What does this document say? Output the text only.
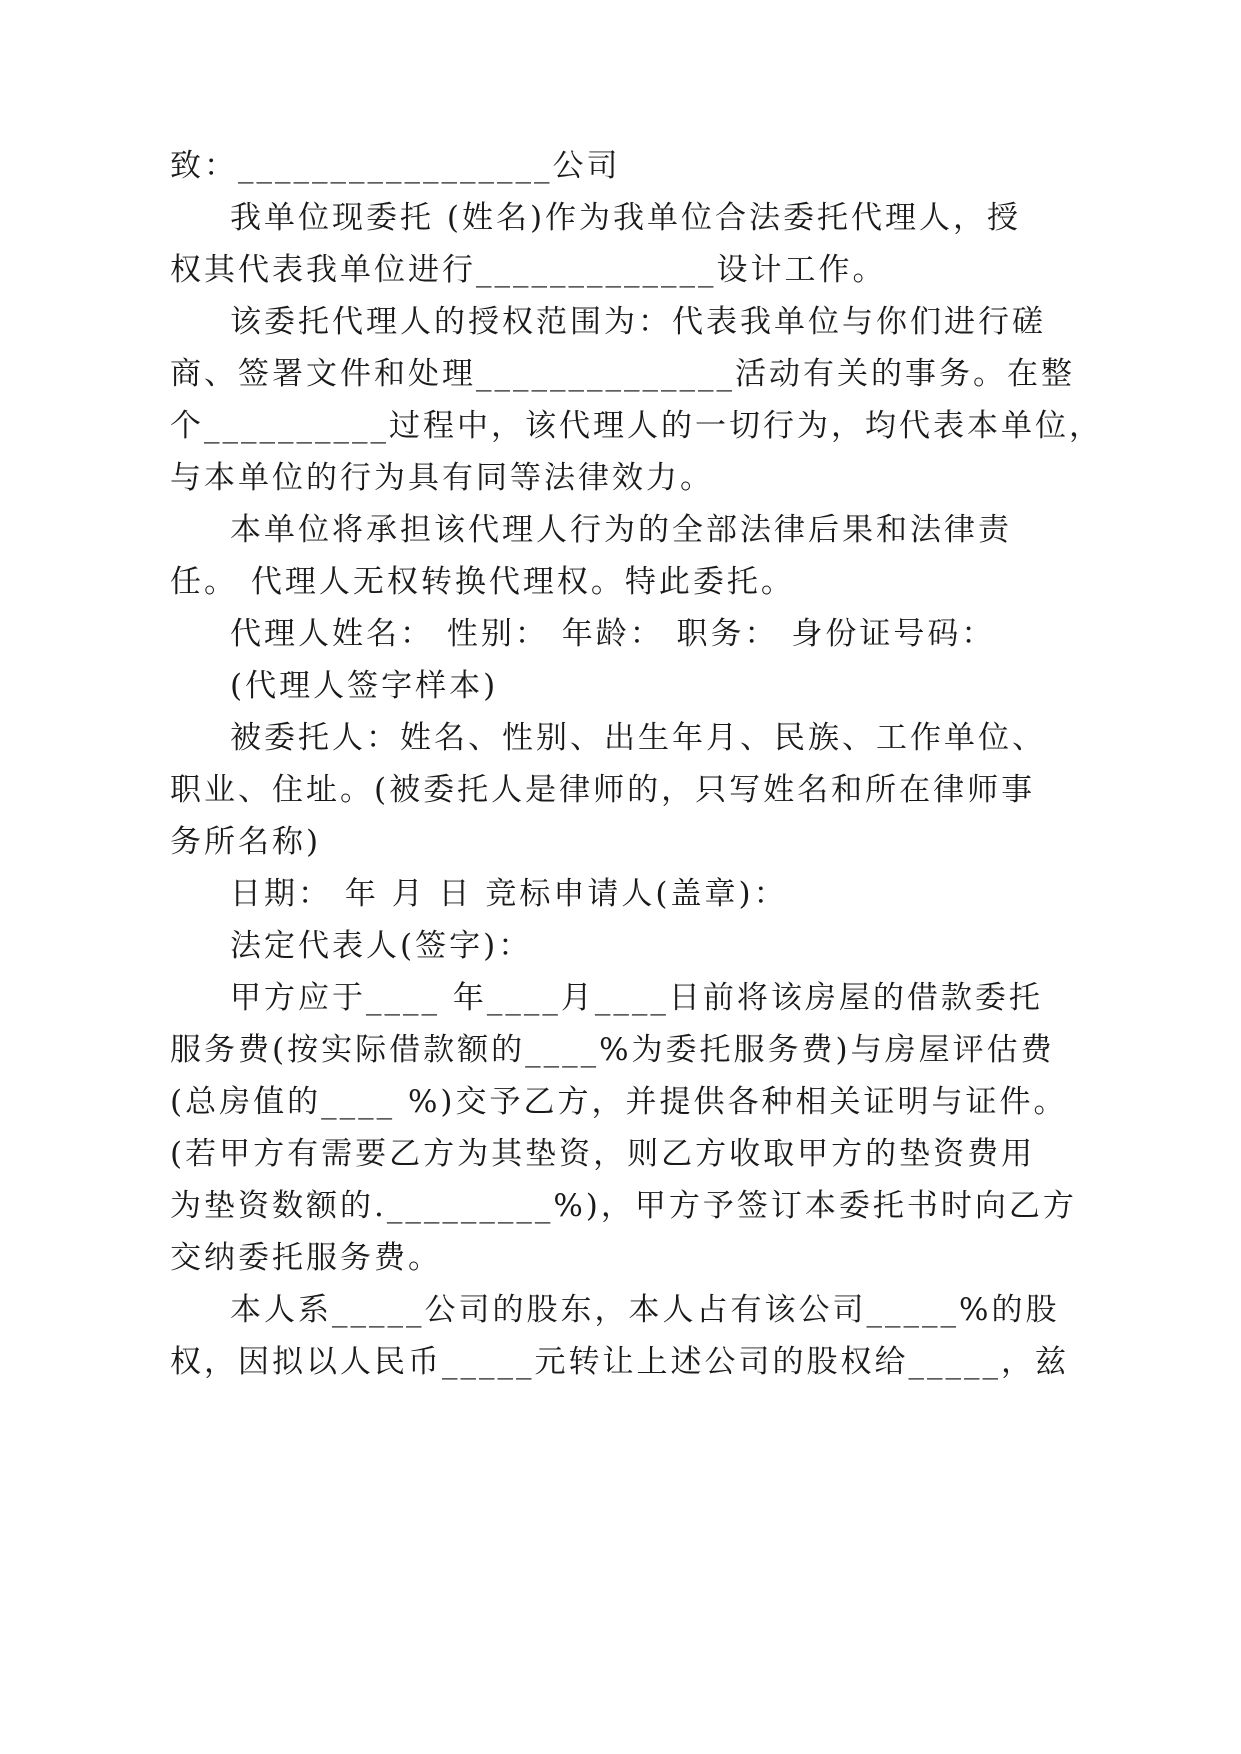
致：_________________公司
我单位现委托 (姓名)作为我单位合法委托代理人，授
权其代表我单位进行_____________设计工作。
该委托代理人的授权范围为：代表我单位与你们进行磋
商、签署文件和处理______________活动有关的事务。在整
个__________过程中，该代理人的一切行为，均代表本单位，
与本单位的行为具有同等法律效力。
本单位将承担该代理人行为的全部法律后果和法律责
任。 代理人无权转换代理权。特此委托。
代理人姓名： 性别： 年龄： 职务： 身份证号码：
(代理人签字样本)
被委托人：姓名、性别、出生年月、民族、工作单位、
职业、住址。(被委托人是律师的，只写姓名和所在律师事
务所名称)
日期： 年 月 日 竞标申请人(盖章)：
法定代表人(签字)：
甲方应于____ 年____月____日前将该房屋的借款委托
服务费(按实际借款额的____%为委托服务费)与房屋评估费
(总房值的____ %)交予乙方，并提供各种相关证明与证件。
(若甲方有需要乙方为其垫资，则乙方收取甲方的垫资费用
为垫资数额的._________%)，甲方予签订本委托书时向乙方
交纳委托服务费。
本人系_____公司的股东，本人占有该公司_____%的股
权，因拟以人民币_____元转让上述公司的股权给_____，兹
